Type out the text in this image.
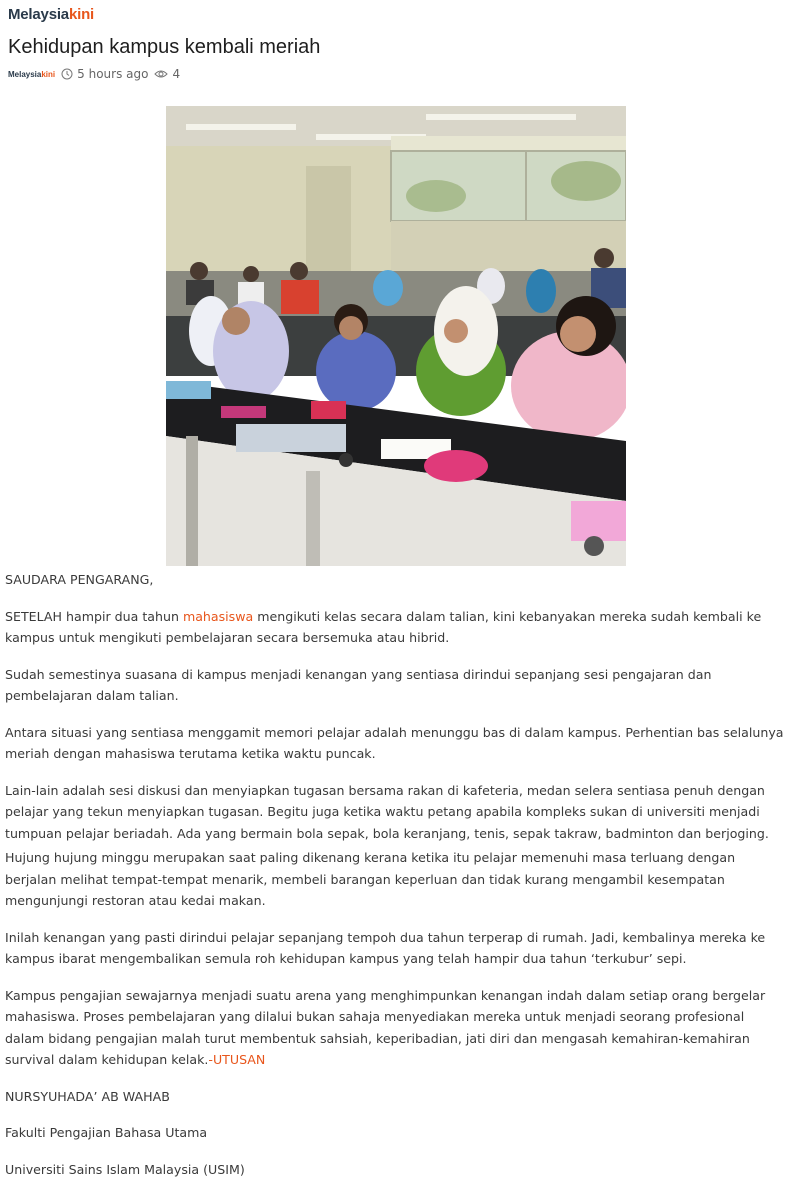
Melaysiakini
Kehidupan kampus kembali meriah
Melaysiakini 5 hours ago 4

SAUDARA PENGARANG,

SETELAH hampir dua tahun mahasiswa mengikuti kelas secara dalam talian, kini kebanyakan mereka sudah kembali ke kampus untuk mengikuti pembelajaran secara bersemuka atau hibrid.

Sudah semestinya suasana di kampus menjadi kenangan yang sentiasa dirindui sepanjang sesi pengajaran dan pembelajaran dalam talian.

Antara situasi yang sentiasa menggamit memori pelajar adalah menunggu bas di dalam kampus. Perhentian bas selalunya meriah dengan mahasiswa terutama ketika waktu puncak.

Lain-lain adalah sesi diskusi dan menyiapkan tugasan bersama rakan di kafeteria, medan selera sentiasa penuh dengan pelajar yang tekun menyiapkan tugasan. Begitu juga ketika waktu petang apabila kompleks sukan di universiti menjadi tumpuan pelajar beriadah. Ada yang bermain bola sepak, bola keranjang, tenis, sepak takraw, badminton dan berjoging.

Hujung hujung minggu merupakan saat paling dikenang kerana ketika itu pelajar memenuhi masa terluang dengan berjalan melihat tempat-tempat menarik, membeli barangan keperluan dan tidak kurang mengambil kesempatan mengunjungi restoran atau kedai makan.

Inilah kenangan yang pasti dirindui pelajar sepanjang tempoh dua tahun terperap di rumah. Jadi, kembalinya mereka ke kampus ibarat mengembalikan semula roh kehidupan kampus yang telah hampir dua tahun ‘terkubur’ sepi.

Kampus pengajian sewajarnya menjadi suatu arena yang menghimpunkan kenangan indah dalam setiap orang bergelar mahasiswa. Proses pembelajaran yang dilalui bukan sahaja menyediakan mereka untuk menjadi seorang profesional dalam bidang pengajian malah turut membentuk sahsiah, keperibadian, jati diri dan mengasah kemahiran-kemahiran survival dalam kehidupan kelak.-UTUSAN

NURSYUHADA’ AB WAHAB

Fakulti Pengajian Bahasa Utama

Universiti Sains Islam Malaysia (USIM)
